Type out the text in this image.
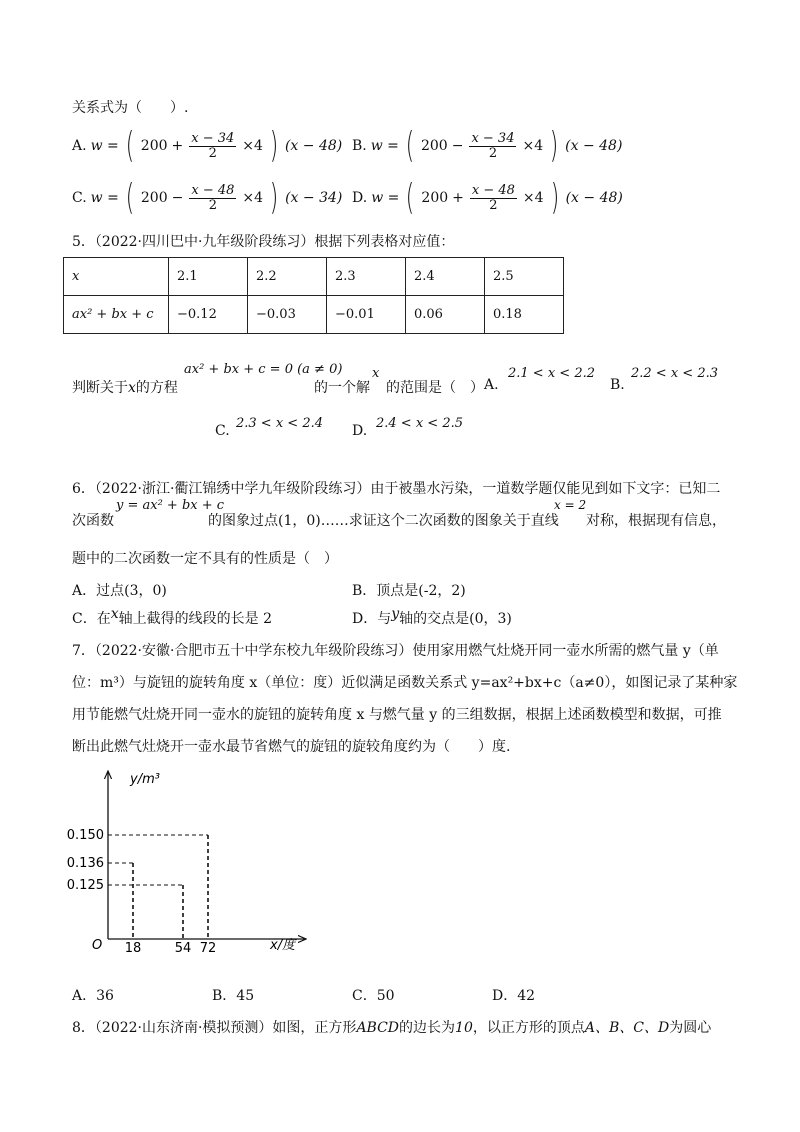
关系式为（　　）.
A. w = ( $200 + \frac{x - 34}{2} \times 4$ ) (x − 48) B. w = ( $200 - \frac{x - 34}{2} \times 4$ ) (x − 48)
C. w = ( $200 - \frac{x - 48}{2} \times 4$ ) (x − 34) D. w = ( $200 + \frac{x - 48}{2} \times 4$ ) (x − 48)
5．（2022·四川巴中·九年级阶段练习）根据下列表格对应值：
x	2.1	2.2	2.3	2.4	2.5
ax² + bx + c	−0.12	−0.03	−0.01	0.06	0.18
判断关于x的方程
ax² + bx + c = 0 (a ≠ 0)
的一个解
x
的范围是（　） A.
2.1 < x < 2.2
B.
2.2 < x < 2.3
C. 2.3 < x < 2.4 D. 2.4 < x < 2.5
6．（2022·浙江·衢江锦绣中学九年级阶段练习）由于被墨水污染，一道数学题仅能见到如下文字：已知二
次函数
y = ax² + bx + c
的图象过点(1，0)……求证这个二次函数的图象关于直线
x = 2
对称，根据现有信息，
题中的二次函数一定不具有的性质是（　）
A．过点(3，0)	B．顶点是(-2，2)
C．在x轴上截得的线段的长是 2	D．与y轴的交点是(0，3)
7．（2022·安徽·合肥市五十中学东校九年级阶段练习）使用家用燃气灶烧开同一壶水所需的燃气量 y（单
位：m³）与旋钮的旋转角度 x（单位：度）近似满足函数关系式 y=ax²+bx+c（a≠0），如图记录了某种家
用节能燃气灶烧开同一壶水的旋钮的旋转角度 x 与燃气量 y 的三组数据，根据上述函数模型和数据，可推
断出此燃气灶烧开一壶水最节省燃气的旋钮的旋较角度约为（　　）度.
0.125
0.136
0.150
18	54 72
y/m³
x/度
O
A．36	B．45	C．50	D．42
8．（2022·山东济南·模拟预测）如图，正方形ABCD的边长为10，以正方形的顶点A、B、C、D为圆心
